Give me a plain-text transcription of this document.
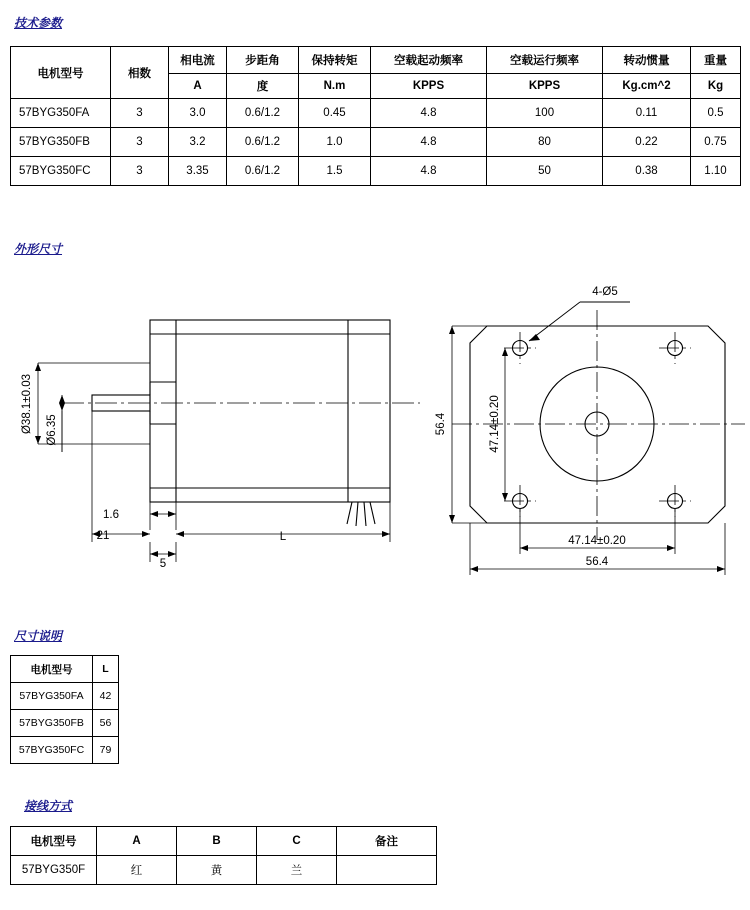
技术参数
电机型号	相数	相电流	步距角	保持转矩	空载起动频率	空载运行频率	转动惯量	重量
		A	度	N.m	KPPS	KPPS	Kg.cm^2	Kg
57BYG350FA	3	3.0	0.6/1.2	0.45	4.8	100	0.11	0.5
57BYG350FB	3	3.2	0.6/1.2	1.0	4.8	80	0.22	0.75
57BYG350FC	3	3.35	0.6/1.2	1.5	4.8	50	0.38	1.10
外形尺寸
Ø38.1±0.03 Ø6.35
1.6
21
5
L
4-Ø5
56.4	47.14±0.20
47.14±0.20
56.4
尺寸说明
电机型号	L
57BYG350FA	42
57BYG350FB	56
57BYG350FC	79
接线方式
电机型号	A	B	C	备注
57BYG350F	红	黄	兰	
